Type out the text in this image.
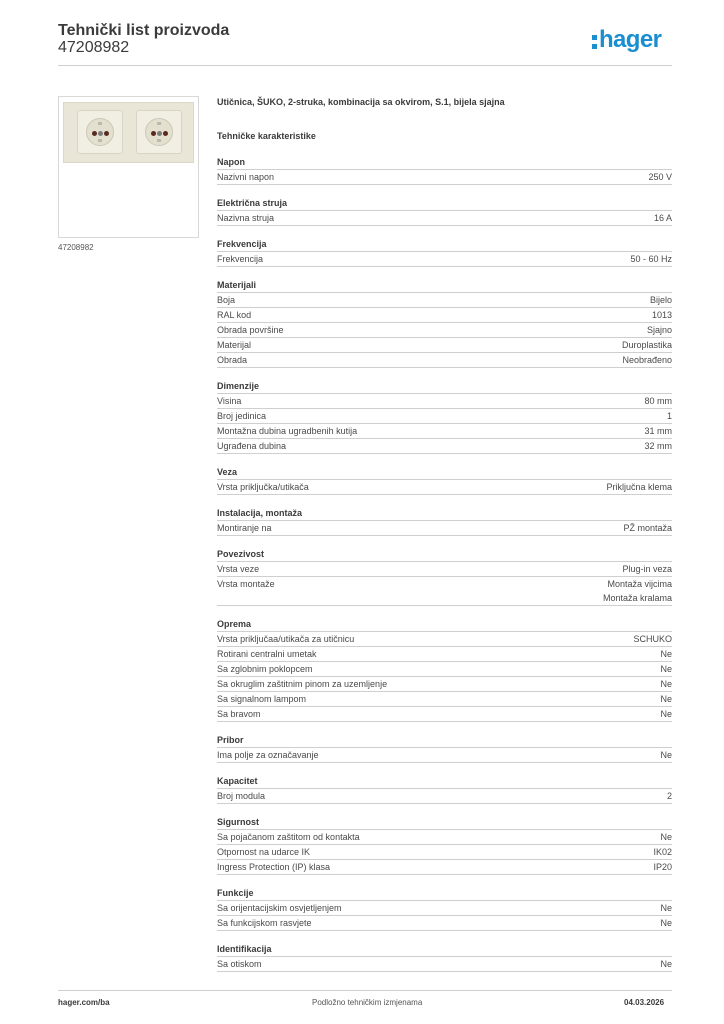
Tehnički list proizvoda
47208982	hager
47208982
Utičnica, ŠUKO, 2-struka, kombinacija sa okvirom, S.1, bijela sjajna
Tehničke karakteristike
Napon
Nazivni napon	250 V
Električna struja
Nazivna struja	16 A
Frekvencija
Frekvencija	50 - 60 Hz
Materijali
Boja	Bijelo
RAL kod	1013
Obrada površine	Sjajno
Materijal	Duroplastika
Obrada	Neobrađeno
Dimenzije
Visina	80 mm
Broj jedinica	1
Montažna dubina ugradbenih kutija	31 mm
Ugrađena dubina	32 mm
Veza
Vrsta priključka/utikača	Priključna klema
Instalacija, montaža
Montiranje na	PŽ montaža
Povezivost
Vrsta veze	Plug-in veza
Vrsta montaže	Montaža vijcima
Montaža kralama
Oprema
Vrsta priključaa/utikača za utičnicu	SCHUKO
Rotirani centralni umetak	Ne
Sa zglobnim poklopcem	Ne
Sa okruglim zaštitnim pinom za uzemljenje	Ne
Sa signalnom lampom	Ne
Sa bravom	Ne
Pribor
Ima polje za označavanje	Ne
Kapacitet
Broj modula	2
Sigurnost
Sa pojačanom zaštitom od kontakta	Ne
Otpornost na udarce IK	IK02
Ingress Protection (IP) klasa	IP20
Funkcije
Sa orijentacijskim osvjetljenjem	Ne
Sa funkcijskom rasvjete	Ne
Identifikacija
Sa otiskom	Ne
hager.com/ba	Podložno tehničkim izmjenama	04.03.2026
